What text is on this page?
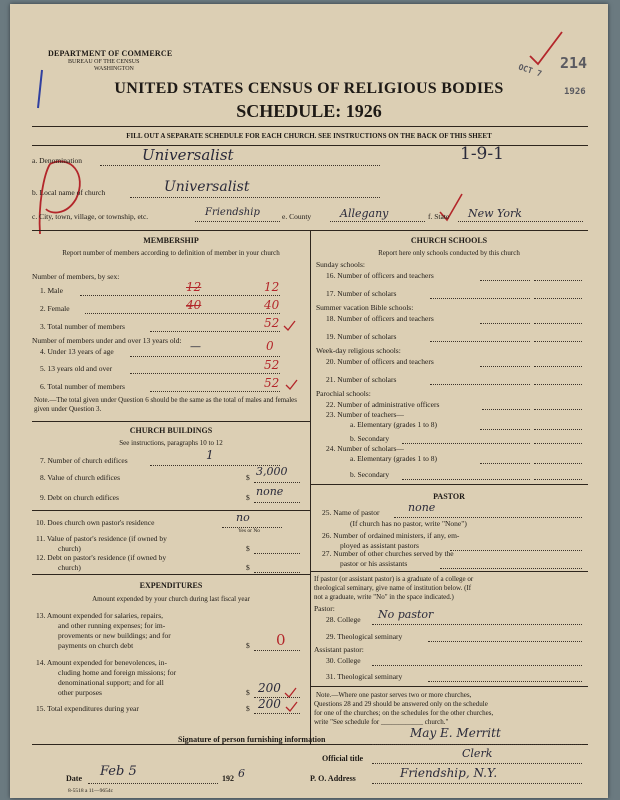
DEPARTMENT OF COMMERCE
BUREAU OF THE CENSUS
WASHINGTON
UNITED STATES CENSUS OF RELIGIOUS BODIES
SCHEDULE: 1926
FILL OUT A SEPARATE SCHEDULE FOR EACH CHURCH. SEE INSTRUCTIONS ON THE BACK OF THIS SHEET
214
OCT 7
1926
a. Denomination	Universalist	1-9-1
b. Local name of church	Universalist
c. City, town, village, or township, etc.	Friendship	e. County	Allegany	f. State New York
MEMBERSHIP
Report number of members according to definition of member in your church
Number of members, by sex:
1. Male	12	12
2. Female	40	40
3. Total number of members	52
Number of members under and over 13 years old:
4. Under 13 years of age	—	0
5. 13 years old and over	52
6. Total number of members	52
Note.—The total given under Question 6 should be the same as the total of males and females given under Question 3.
CHURCH BUILDINGS
See instructions, paragraphs 10 to 12
7. Number of church edifices	1
8. Value of church edifices	$ 3,000
9. Debt on church edifices	$ none
10. Does church own pastor's residence	no
Yes or No
11. Value of pastor's residence (if owned by
church)	$
12. Debt on pastor's residence (if owned by
church)	$
EXPENDITURES
Amount expended by your church during last fiscal year
13. Amount expended for salaries, repairs,
and other running expenses; for im-
provements or new buildings; and for
payments on church debt	$ 0
14. Amount expended for benevolences, in-
cluding home and foreign missions; for
denominational support; and for all
other purposes	$ 200
15. Total expenditures during year	$ 200
CHURCH SCHOOLS
Report here only schools conducted by this church
Sunday schools:
16. Number of officers and teachers
17. Number of scholars
Summer vacation Bible schools:
18. Number of officers and teachers
19. Number of scholars
Week-day religious schools:
20. Number of officers and teachers
21. Number of scholars
Parochial schools:
22. Number of administrative officers
23. Number of teachers—
a. Elementary (grades 1 to 8)
b. Secondary
24. Number of scholars—
a. Elementary (grades 1 to 8)
b. Secondary
PASTOR
25. Name of pastor	none
(If church has no pastor, write "None")
26. Number of ordained ministers, if any, em-
ployed as assistant pastors
27. Number of other churches served by the
pastor or his assistants
If pastor (or assistant pastor) is a graduate of a college or
theological seminary, give name of institution below. (If
not a graduate, write "No" in the space indicated.)
Pastor:
28. College No pastor
29. Theological seminary
Assistant pastor:
30. College
31. Theological seminary
Note.—Where one pastor serves two or more churches,
Questions 28 and 29 should be answered only on the schedule
for one of the churches; on the schedules for the other churches,
write "See schedule for ____________ church."
Signature of person furnishing information	May E. Merritt
Official title	Clerk
Date Feb 5	192 6
8-5518 a 11—9654c
P. O. Address	Friendship, N.Y.
